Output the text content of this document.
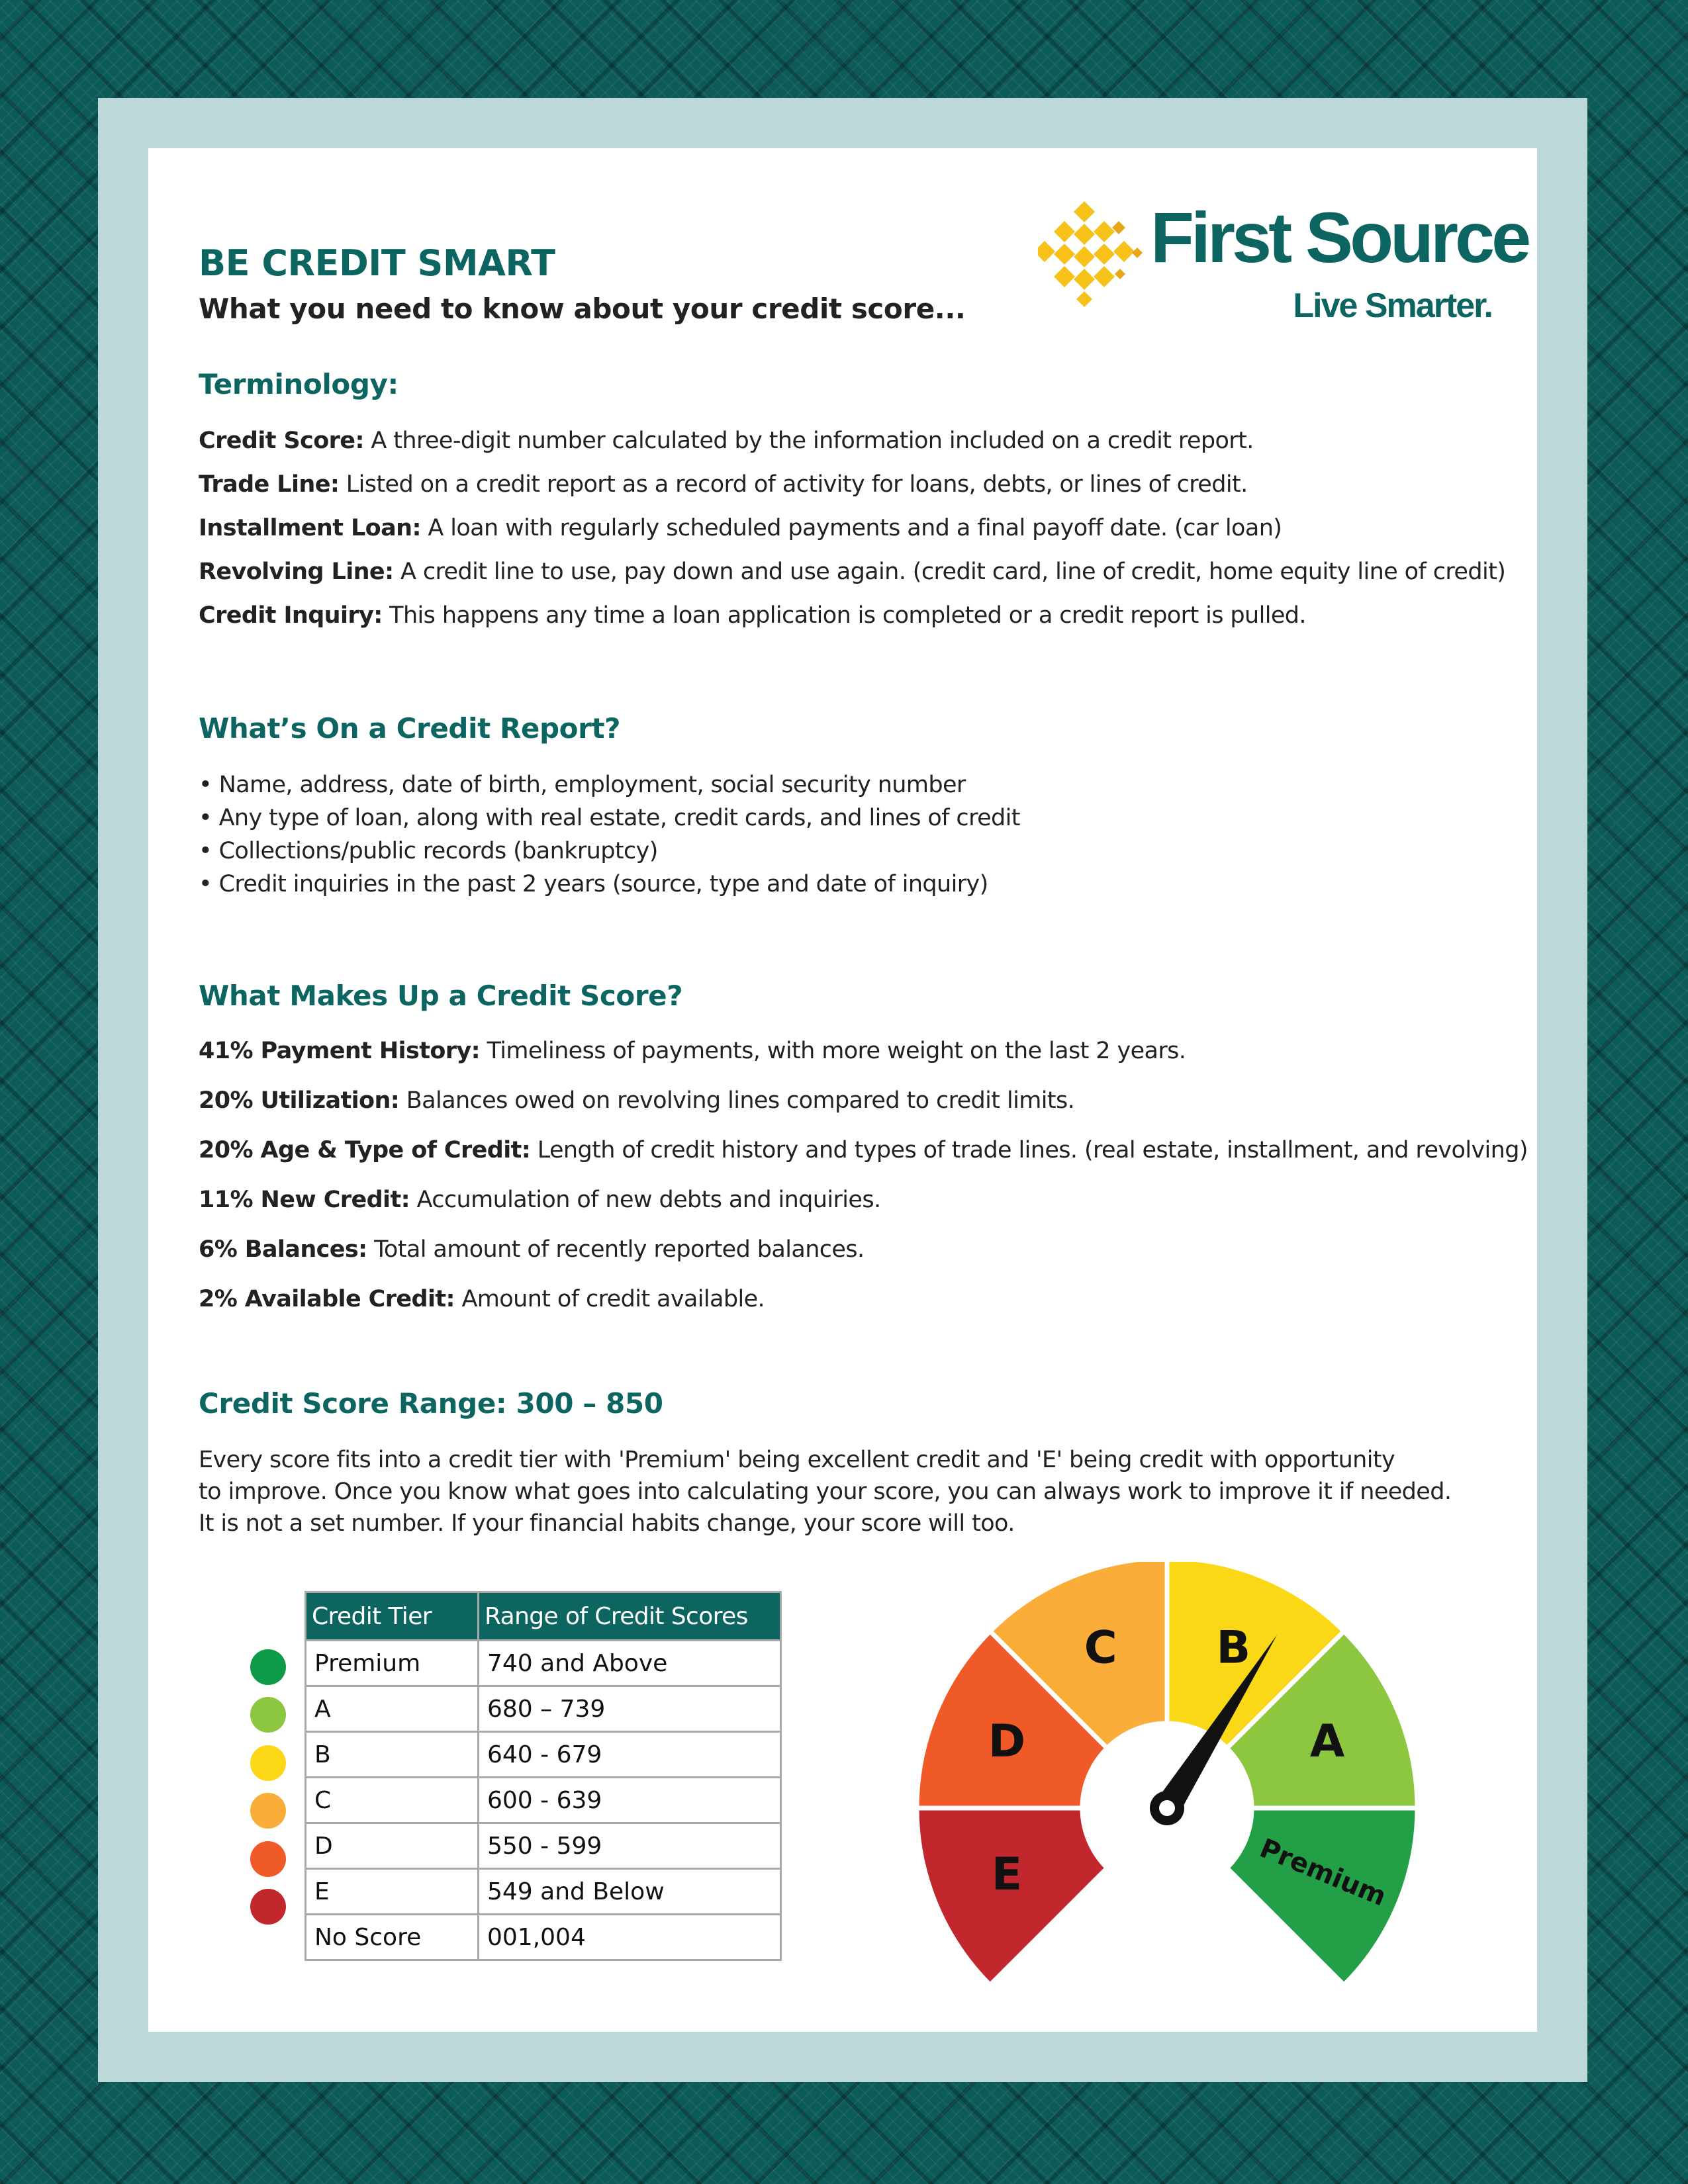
First Source
Live Smarter.
BE CREDIT SMART

What you need to know about your credit score...

Terminology:

Credit Score: A three-digit number calculated by the information included on a credit report.

Trade Line: Listed on a credit report as a record of activity for loans, debts, or lines of credit.

Installment Loan: A loan with regularly scheduled payments and a final payoff date. (car loan)

Revolving Line: A credit line to use, pay down and use again. (credit card, line of credit, home equity line of credit)

Credit Inquiry: This happens any time a loan application is completed or a credit report is pulled.

What’s On a Credit Report?

• Name, address, date of birth, employment, social security number

• Any type of loan, along with real estate, credit cards, and lines of credit

• Collections/public records (bankruptcy)

• Credit inquiries in the past 2 years (source, type and date of inquiry)

What Makes Up a Credit Score?

41% Payment History: Timeliness of payments, with more weight on the last 2 years.

20% Utilization: Balances owed on revolving lines compared to credit limits.

20% Age & Type of Credit: Length of credit history and types of trade lines. (real estate, installment, and revolving)

11% New Credit: Accumulation of new debts and inquiries.

6% Balances: Total amount of recently reported balances.

2% Available Credit: Amount of credit available.

Credit Score Range: 300 – 850

Every score fits into a credit tier with 'Premium' being excellent credit and 'E' being credit with opportunity
to improve. Once you know what goes into calculating your score, you can always work to improve it if needed.
It is not a set number. If your financial habits change, your score will too.

Credit Tier	Range of Credit Scores
Premium	740 and Above
A	680 – 739
B	640 - 679
C	600 - 639
D	550 - 599
E	549 and Below
No Score	001,004
E
D
C B
A
Premium
